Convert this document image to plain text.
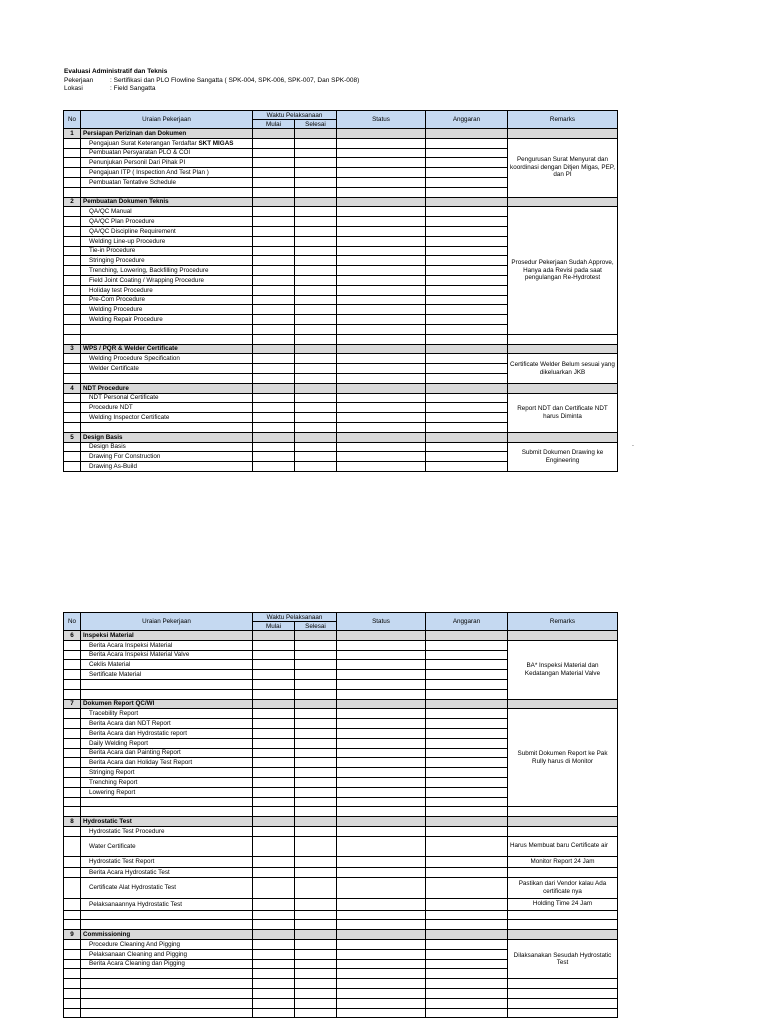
Evaluasi Administratif dan Teknis
Pekerjaan	: Sertifikasi dan PLO Flowline Sangatta ( SPK-004, SPK-006, SPK-007, Dan SPK-008)
Lokasi	: Field Sangatta
No	Uraian Pekerjaan	Waktu Pelaksanaan		Status	Anggaran	Remarks
		Mulai	Selesai			
1	Persiapan Perizinan dan Dokumen					
	Pengajuan Surat Keterangan Terdaftar SKT MIGAS					Pengurusan Surat Menyurat dan koordinasi dengan Ditjen Migas, PEP, dan PI
	Pembuatan Persyaratan PLO & COI					
	Penunjukan Personil Dari Pihak PI					
	Pengajuan ITP ( Inspection And Test Plan )					
	Pembuatan Tentative Schedule					

2	Pembuatan Dokumen Teknis					
	QA/QC Manual					Prosedur Pekerjaan Sudah Approve, Hanya ada Revisi pada saat pengulangan Re-Hydrotest
	QA/QC Plan Procedure					
	QA/QC Discipline Requirement					
	Welding Line-up Procedure					
	Tie-in Procedure					
	Stringing Procedure					
	Trenching, Lowering, Backfilling Procedure					
	Field Joint Coating / Wrapping Procedure					
	Holiday test Procedure					
	Pre-Com Procedure					
	Welding Procedure					
	Welding Repair Procedure					

3	WPS / PQR & Welder Certificate					
	Welding Procedure Specification					Certificate Welder Belum sesuai yang dikeluarkan JKB
	Welder Certificate					

4	NDT Procedure					
	NDT Personal Certificate					Report NDT dan Certificate NDT harus Diminta
	Procedure NDT					
	Welding Inspector Certificate					

5	Design Basis					
	Design Basis					Submit Dokumen Drawing ke Engineering
	Drawing For Construction					
	Drawing As-Build					
.
No	Uraian Pekerjaan	Waktu Pelaksanaan		Status	Anggaran	Remarks
		Mulai	Selesai			
6	Inspeksi Material					
	Berita Acara Inspeksi Material					BA* Inspeksi Material dan Kedatangan Material Valve
	Berita Acara Inspeksi Material Valve					
	Ceklis Material					
	Sertificate Material					

7	Dokumen Report QC/WI					
	Tracebility Report					Submit Dokumen Report ke Pak Rully harus di Monitor
	Berita Acara dan NDT Report					
	Berita Acara dan Hydrostatic report					
	Daily Welding Report					
	Berita Acara dan Painting Report					
	Berita Acara dan Holiday Test Report					
	Stringing Report					
	Trenching Report					
	Lowering Report					

8	Hydrostatic Test					
	Hydrostatic Test Procedure					
	Water Certificate					Harus Membuat baru Certificate air
	Hydrostatic Test Report					Monitor Report 24 Jam
	Berita Acara Hydrostatic Test					
	Certificate Alat Hydrostatic Test					Pastikan dari Vendor kalau Ada certificate nya
	Pelaksanaannya Hydrostatic Test					Holding Time 24 Jam

9	Commissioning					
	Procedure Cleaning And Pigging					Dilaksanakan Sesudah Hydrostatic Test
	Pelaksanaan Cleaning and Pigging					
	Berita Acara Cleaning dan Pigging					
